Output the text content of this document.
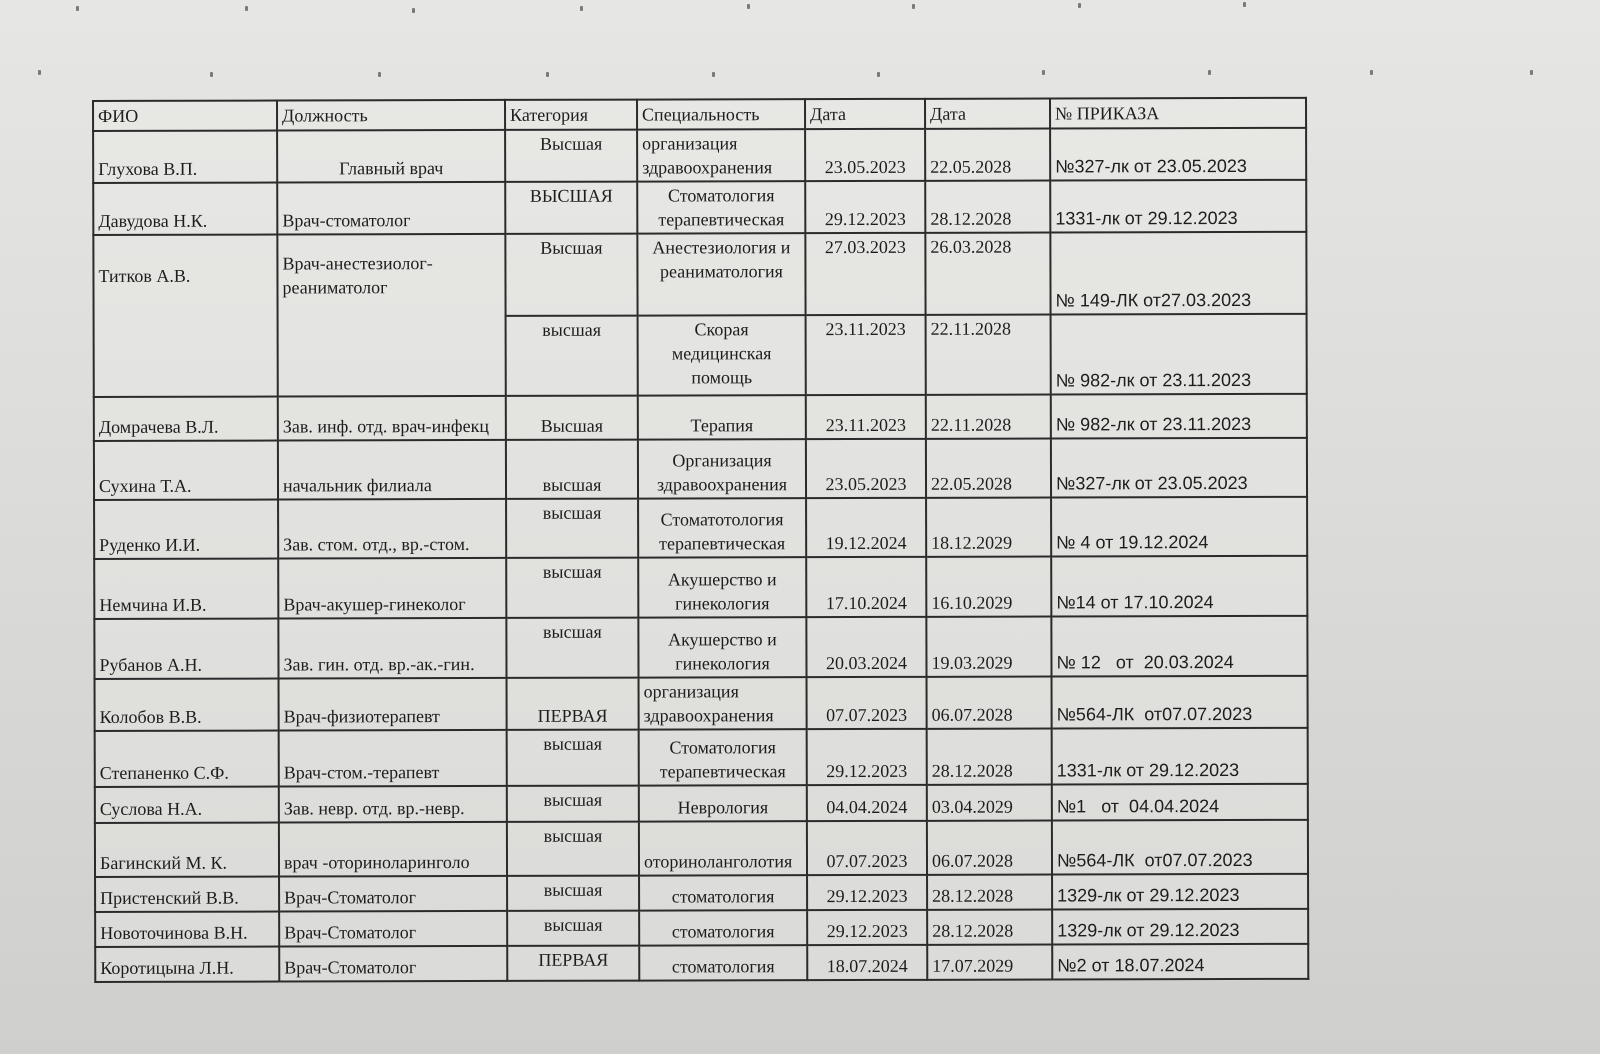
ФИО	Должность	Категория	Специальность	Дата	Дата	№ ПРИКАЗА
Глухова В.П.	Главный врач	Высшая	организация здравоохранения	23.05.2023	22.05.2028	№327-лк от 23.05.2023
Давудова Н.К.	Врач-стоматолог	ВЫСШАЯ	Стоматология терапевтическая	29.12.2023	28.12.2028	1331-лк от 29.12.2023
Титков А.В.	Врач-анестезиолог-реаниматолог	Высшая	Анестезиология и реаниматология	27.03.2023	26.03.2028	№ 149-ЛК от27.03.2023
		высшая	Скорая медицинская помощь	23.11.2023	22.11.2028	№ 982-лк от 23.11.2023
Домрачева В.Л.	Зав. инф. отд. врач-инфекц	Высшая	Терапия	23.11.2023	22.11.2028	№ 982-лк от 23.11.2023
Сухина Т.А.	начальник филиала	высшая	Организация здравоохранения	23.05.2023	22.05.2028	№327-лк от 23.05.2023
Руденко И.И.	Зав. стом. отд., вр.-стом.	высшая	Стоматотология терапевтическая	19.12.2024	18.12.2029	№ 4 от 19.12.2024
Немчина И.В.	Врач-акушер-гинеколог	высшая	Акушерство и гинекология	17.10.2024	16.10.2029	№14 от 17.10.2024
Рубанов А.Н.	Зав. гин. отд. вр.-ак.-гин.	высшая	Акушерство и гинекология	20.03.2024	19.03.2029	№ 12   от  20.03.2024
Колобов В.В.	Врач-физиотерапевт	ПЕРВАЯ	организация здравоохранения	07.07.2023	06.07.2028	№564-ЛК  от07.07.2023
Степаненко С.Ф.	Врач-стом.-терапевт	высшая	Стоматология терапевтическая	29.12.2023	28.12.2028	1331-лк от 29.12.2023
Суслова Н.А.	Зав. невр. отд. вр.-невр.	высшая	Неврология	04.04.2024	03.04.2029	№1   от  04.04.2024
Багинский М. К.	врач -оториноларинголо	высшая	оториноланголотия	07.07.2023	06.07.2028	№564-ЛК  от07.07.2023
Пристенский В.В.	Врач-Стоматолог	высшая	стоматология	29.12.2023	28.12.2028	1329-лк от 29.12.2023
Новоточинова В.Н.	Врач-Стоматолог	высшая	стоматология	29.12.2023	28.12.2028	1329-лк от 29.12.2023
Коротицына Л.Н.	Врач-Стоматолог	ПЕРВАЯ	стоматология	18.07.2024	17.07.2029	№2 от 18.07.2024
